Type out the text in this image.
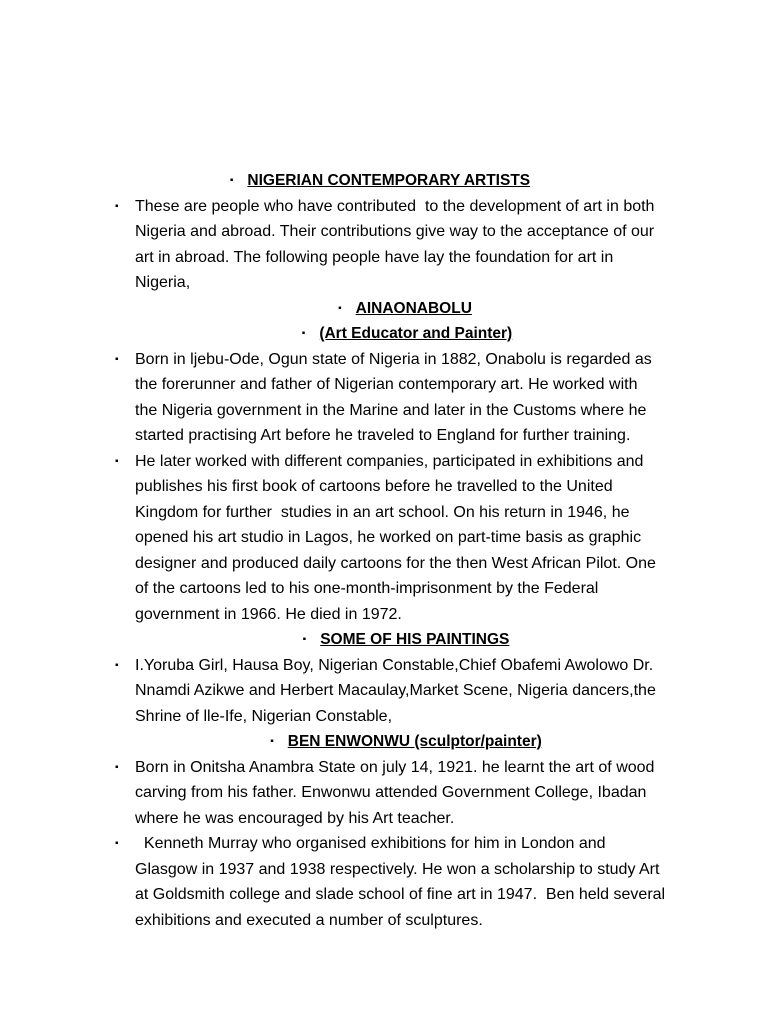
▪ NIGERIAN CONTEMPORARY ARTISTS
▪ These are people who have contributed  to the development of art in both
Nigeria and abroad. Their contributions give way to the acceptance of our
art in abroad. The following people have lay the foundation for art in
Nigeria,
▪ AINAONABOLU
▪ (Art Educator and Painter)
▪ Born in ljebu-Ode, Ogun state of Nigeria in 1882, Onabolu is regarded as
the forerunner and father of Nigerian contemporary art. He worked with
the Nigeria government in the Marine and later in the Customs where he
started practising Art before he traveled to England for further training.
▪ He later worked with different companies, participated in exhibitions and
publishes his first book of cartoons before he travelled to the United
Kingdom for further  studies in an art school. On his return in 1946, he
opened his art studio in Lagos, he worked on part-time basis as graphic
designer and produced daily cartoons for the then West African Pilot. One
of the cartoons led to his one-month-imprisonment by the Federal
government in 1966. He died in 1972.
▪ SOME OF HIS PAINTINGS
▪ I.Yoruba Girl, Hausa Boy, Nigerian Constable,Chief Obafemi Awolowo Dr.
Nnamdi Azikwe and Herbert Macaulay,Market Scene, Nigeria dancers,the
Shrine of lle-Ife, Nigerian Constable,
▪ BEN ENWONWU (sculptor/painter)
▪ Born in Onitsha Anambra State on july 14, 1921. he learnt the art of wood
carving from his father. Enwonwu attended Government College, Ibadan
where he was encouraged by his Art teacher.
▪ Kenneth Murray who organised exhibitions for him in London and
Glasgow in 1937 and 1938 respectively. He won a scholarship to study Art
at Goldsmith college and slade school of fine art in 1947.  Ben held several
exhibitions and executed a number of sculptures.
